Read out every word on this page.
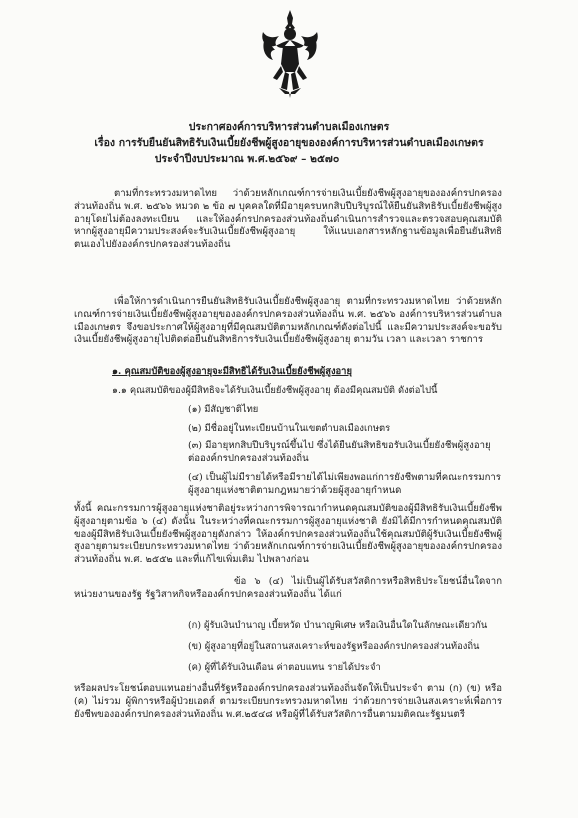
ประกาศองค์การบริหารส่วนตำบลเมืองเกษตร
เรื่อง การรับยืนยันสิทธิรับเงินเบี้ยยังชีพผู้สูงอายุขององค์การบริหารส่วนตำบลเมืองเกษตร
ประจำปีงบประมาณ พ.ศ.๒๕๖๙ – ๒๕๗๐
ตามที่กระทรวงมหาดไทย ว่าด้วยหลักเกณฑ์การจ่ายเงินเบี้ยยังชีพผู้สูงอายุขององค์กรปกครองส่วนท้องถิ่น พ.ศ. ๒๕๖๖ หมวด ๒ ข้อ ๗ บุคคลใดที่มีอายุครบหกสิบปีบริบูรณ์ให้ยืนยันสิทธิรับเบี้ยยังชีพผู้สูงอายุโดยไม่ต้องลงทะเบียน และให้องค์กรปกครองส่วนท้องถิ่นดำเนินการสำรวจและตรวจสอบคุณสมบัติ หากผู้สูงอายุมีความประสงค์จะรับเงินเบี้ยยังชีพผู้สูงอายุ ให้แนบเอกสารหลักฐานข้อมูลเพื่อยืนยันสิทธิตนเองไปยังองค์กรปกครองส่วนท้องถิ่น
เพื่อให้การดำเนินการยืนยันสิทธิรับเงินเบี้ยยังชีพผู้สูงอายุ ตามที่กระทรวงมหาดไทย ว่าด้วยหลักเกณฑ์การจ่ายเงินเบี้ยยังชีพผู้สูงอายุขององค์กรปกครองส่วนท้องถิ่น พ.ศ. ๒๕๖๖ องค์การบริหารส่วนตำบลเมืองเกษตร จึงขอประกาศให้ผู้สูงอายุที่มีคุณสมบัติตามหลักเกณฑ์ดังต่อไปนี้ และมีความประสงค์จะขอรับเงินเบี้ยยังชีพผู้สูงอายุไปติดต่อยืนยันสิทธิการรับเงินเบี้ยยังชีพผู้สูงอายุ ตามวัน เวลา และเวลา ราชการ
๑. คุณสมบัติของผู้สูงอายุจะมีสิทธิได้รับเงินเบี้ยยังชีพผู้สูงอายุ
๑.๑ คุณสมบัติของผู้มีสิทธิจะได้รับเงินเบี้ยยังชีพผู้สูงอายุ ต้องมีคุณสมบัติ ดังต่อไปนี้
(๑) มีสัญชาติไทย
(๒) มีชื่ออยู่ในทะเบียนบ้านในเขตตำบลเมืองเกษตร
(๓) มีอายุหกสิบปีบริบูรณ์ขึ้นไป ซึ่งได้ยืนยันสิทธิขอรับเงินเบี้ยยังชีพผู้สูงอายุต่อองค์กรปกครองส่วนท้องถิ่น
(๔) เป็นผู้ไม่มีรายได้หรือมีรายได้ไม่เพียงพอแก่การยังชีพตามที่คณะกรรมการผู้สูงอายุแห่งชาติตามกฎหมายว่าด้วยผู้สูงอายุกำหนด
ทั้งนี้ คณะกรรมการผู้สูงอายุแห่งชาติอยู่ระหว่างการพิจารณากำหนดคุณสมบัติของผู้มีสิทธิรับเงินเบี้ยยังชีพผู้สูงอายุตามข้อ ๖ (๔) ดังนั้น ในระหว่างที่คณะกรรมการผู้สูงอายุแห่งชาติ ยังมิได้มีการกำหนดคุณสมบัติของผู้มีสิทธิรับเงินเบี้ยยังชีพผู้สูงอายุดังกล่าว ให้องค์กรปกครองส่วนท้องถิ่นใช้คุณสมบัติผู้รับเงินเบี้ยยังชีพผู้สูงอายุตามระเบียบกระทรวงมหาดไทย ว่าด้วยหลักเกณฑ์การจ่ายเงินเบี้ยยังชีพผู้สูงอายุขององค์กรปกครองส่วนท้องถิ่น พ.ศ. ๒๕๕๒ และที่แก้ไขเพิ่มเติม ไปพลางก่อน
ข้อ ๖ (๔) ไม่เป็นผู้ได้รับสวัสดิการหรือสิทธิประโยชน์อื่นใดจากหน่วยงานของรัฐ รัฐวิสาหกิจหรือองค์กรปกครองส่วนท้องถิ่น ได้แก่
(ก) ผู้รับเงินบำนาญ เบี้ยหวัด บำนาญพิเศษ หรือเงินอื่นใดในลักษณะเดียวกัน
(ข) ผู้สูงอายุที่อยู่ในสถานสงเคราะห์ของรัฐหรือองค์กรปกครองส่วนท้องถิ่น
(ค) ผู้ที่ได้รับเงินเดือน ค่าตอบแทน รายได้ประจำ
หรือผลประโยชน์ตอบแทนอย่างอื่นที่รัฐหรือองค์กรปกครองส่วนท้องถิ่นจัดให้เป็นประจำ ตาม (ก) (ข) หรือ (ค) ไม่รวม ผู้พิการหรือผู้ป่วยเอดส์ ตามระเบียบกระทรวงมหาดไทย ว่าด้วยการจ่ายเงินสงเคราะห์เพื่อการยังชีพขององค์กรปกครองส่วนท้องถิ่น พ.ศ.๒๕๔๘ หรือผู้ที่ได้รับสวัสดิการอื่นตามมติคณะรัฐมนตรี
